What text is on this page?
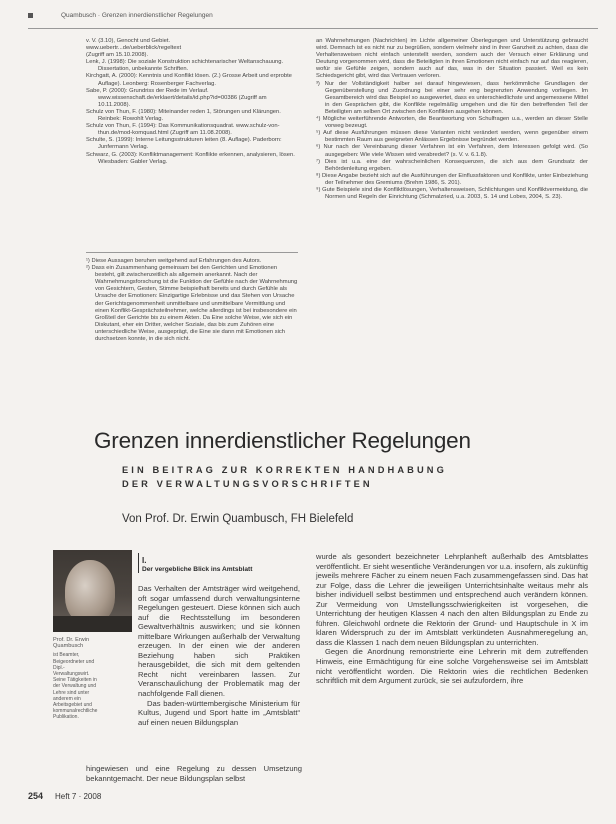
Quambusch · Grenzen innerdienstlicher Regelungen

v. V. (3.10), Genocht und Gebiet.

www.uebertr...de/ueberblick/regeltext

(Zugriff am 15.10.2008).

Lenk, J. (1998): Die soziale Konstruktion schichtenarischer Weltanschauung. Dissertation, unbekannte Schriften.

Kirchgatt, A. (2000): Kenntnis und Konflikt lösen. (2.) Grosse Arbeit und erprobte Auflage). Leonberg: Rosenberger Fachverlag.

Sabe, P. (2000): Grundriss der Rede im Verlauf. www.wissenschaft.de/erklaert/details/id.php?id=00386 (Zugriff am 10.11.2008).

Schulz von Thun, F. (1980): Miteinander reden 1, Störungen und Klärungen. Reinbek: Rowohlt Verlag.

Schulz von Thun, F. (1994): Das Kommunikationsquadrat. www.schulz-von-thun.de/mod-komquad.html (Zugriff am 11.08.2008).

Schulte, S. (1999): Interne Leitungsstrukturen leiten (8. Auflage). Paderborn: Junfermann Verlag.

Schwarz, G. (2003): Konfliktmanagement: Konflikte erkennen, analysieren, lösen. Wiesbaden: Gabler Verlag.

¹) Diese Aussagen beruhen weitgehend auf Erfahrungen des Autors.

²) Dass ein Zusammenhang gemeinsam bei den Gerichten und Emotionen besteht, gilt zwischenzeitlich als allgemein anerkannt. Nach der Wahrnehmungsforschung ist die Funktion der Gefühle nach der Wahrnehmung von Gesichtern, Gesten, Stimme beispielhaft bereits und durch Gefühle als Ursache der Emotionen: Einzigartige Erlebnisse und das Stehen von Ursache der Gerichtsgenommenheit unmittelbare und unmittelbare Vermittlung und einen Konflikt-Gesprächsteilnehmer, welche allerdings ist bei insbesondere ein Großteil der Gerichte bis zu einem Akten. Da Eine solche Weise, wie sich ein Diskutant, eher ein Dritter, welcher Soziale, das bis zum Zuhören eine unterschiedliche Weise, ausgeprägt, die Eine sie dann mit Emotionen sich durchsetzen konnte, in die sich nicht.

an Wahrnehmungen (Nachrichten) im Lichte allgemeiner Überlegungen und Unterstützung gebraucht wird. Demnach ist es nicht nur zu begrüßen, sondern vielmehr sind in ihrer Ganzheit zu achten, dass die Verhaltensweisen nicht einfach unterstellt werden, sondern auch der Versuch einer Erklärung und Deutung vorgenommen wird, dass die Beteiligten in ihren Emotionen nicht einfach nur auf das reagieren, wofür sie Gefühle zeigen, sondern auch auf das, was in der Situation passiert. Weil es kein Schiedsgericht gibt, wird das Vertrauen verloren.

³) Nur der Vollständigkeit halber sei darauf hingewiesen, dass herkömmliche Grundlagen der Gegenüberstellung und Zuordnung bei einer sehr eng begrenzten Anwendung vorliegen. Im Gesamtbereich wird das Beispiel so ausgewertet, dass es unterschiedlichste und angemessene Mittel in den Gesprächen gibt, die Konflikte regelmäßig umgehen und die für den betreffenden Teil der Beteiligten am selben Ort zwischen den Konflikten ausgehen können.

⁴) Mögliche weiterführende Antworten, die Beantwortung von Schulfragen u.a., werden an dieser Stelle vorweg bezeugt.

⁵) Auf diese Ausführungen müssen diese Varianten nicht verändert werden, wenn gegenüber einem bestimmten Raum aus geeigneten Anlässen Ergebnisse begründet werden.

⁶) Nur nach der Vereinbarung dieser Verfahren ist ein Verfahren, dem Interessen gefolgt wird. (So ausgegeben: Wie viele Wissen wird verabredet? (s. V. v. 6.1.8).

⁷) Dies ist u.a. eine der wahrscheinlichen Konsequenzen, die sich aus dem Grundsatz der Behördenleitung ergeben.

⁸) Diese Angabe bezieht sich auf die Ausführungen der Einflussfaktoren und Konflikte, unter Einbeziehung der Teilnehmer des Gremiums (Brehm 1986, S. 201).

⁹) Gute Beispiele sind die Konfliktlösungen, Verhaltensweisen, Schlichtungen und Konfliktvermeidung, die Normen und Regeln der Einrichtung (Schmalzried, u.a. 2003, S. 14 und Lobes, 2004, S. 23).

Grenzen innerdienstlicher Regelungen
EIN BEITRAG ZUR KORREKTEN HANDHABUNG
DER VERWALTUNGSVORSCHRIFTEN
Von Prof. Dr. Erwin Quambusch, FH Bielefeld
Prof. Dr. Erwin Quambusch
ist Beamter, Beigeordneter und Dipl.-Verwaltungswirt. Seine Tätigkeiten in der Verwaltung und Lehre sind unter anderem ein Arbeitsgebiet und kommunalrechtliche Publikation.
I.
Der vergebliche Blick ins Amtsblatt

Das Verhalten der Amtsträger wird weitgehend, oft sogar umfassend durch verwaltungsinterne Regelungen gesteuert. Diese können sich auch auf die Rechtsstellung im besonderen Gewaltverhältnis auswirken; und sie können mittelbare Wirkungen außerhalb der Verwaltung erzeugen. In der einen wie der anderen Beziehung haben sich Praktiken herausgebildet, die sich mit dem geltenden Recht nicht vereinbaren lassen. Zur Veranschaulichung der Problematik mag der nachfolgende Fall dienen.

Das baden-württembergische Ministerium für Kultus, Jugend und Sport hatte im „Amtsblatt“ auf einen neuen Bildungsplan

hingewiesen und eine Regelung zu dessen Umsetzung bekanntgemacht. Der neue Bildungsplan selbst

wurde als gesondert bezeichneter Lehrplanheft außerhalb des Amtsblattes veröffentlicht. Er sieht wesentliche Veränderungen vor u.a. insofern, als zukünftig jeweils mehrere Fächer zu einem neuen Fach zusammengefassen sind. Das hat zur Folge, dass die Lehrer die jeweiligen Unterrichtsinhalte weitaus mehr als bisher individuell selbst bestimmen und entsprechend auch verändern können. Zur Vermeidung von Umstellungsschwierigkeiten ist vorgesehen, die Unterrichtung der heutigen Klassen 4 nach den alten Bildungsplan zu Ende zu führen. Gleichwohl ordnete die Rektorin der Grund- und Hauptschule in X im klaren Widerspruch zu der im Amtsblatt verkündeten Ausnahmeregelung an, dass die Klassen 1 nach dem neuen Bildungsplan zu unterrichten.

Gegen die Anordnung remonstrierte eine Lehrerin mit dem zutreffenden Hinweis, eine Ermächtigung für eine solche Vorgehensweise sei im Amtsblatt nicht veröffentlicht worden. Die Rektorin wies die rechtlichen Bedenken schriftlich mit dem Argument zurück, sie sei aufzufordern, ihre

254 Heft 7 · 2008
